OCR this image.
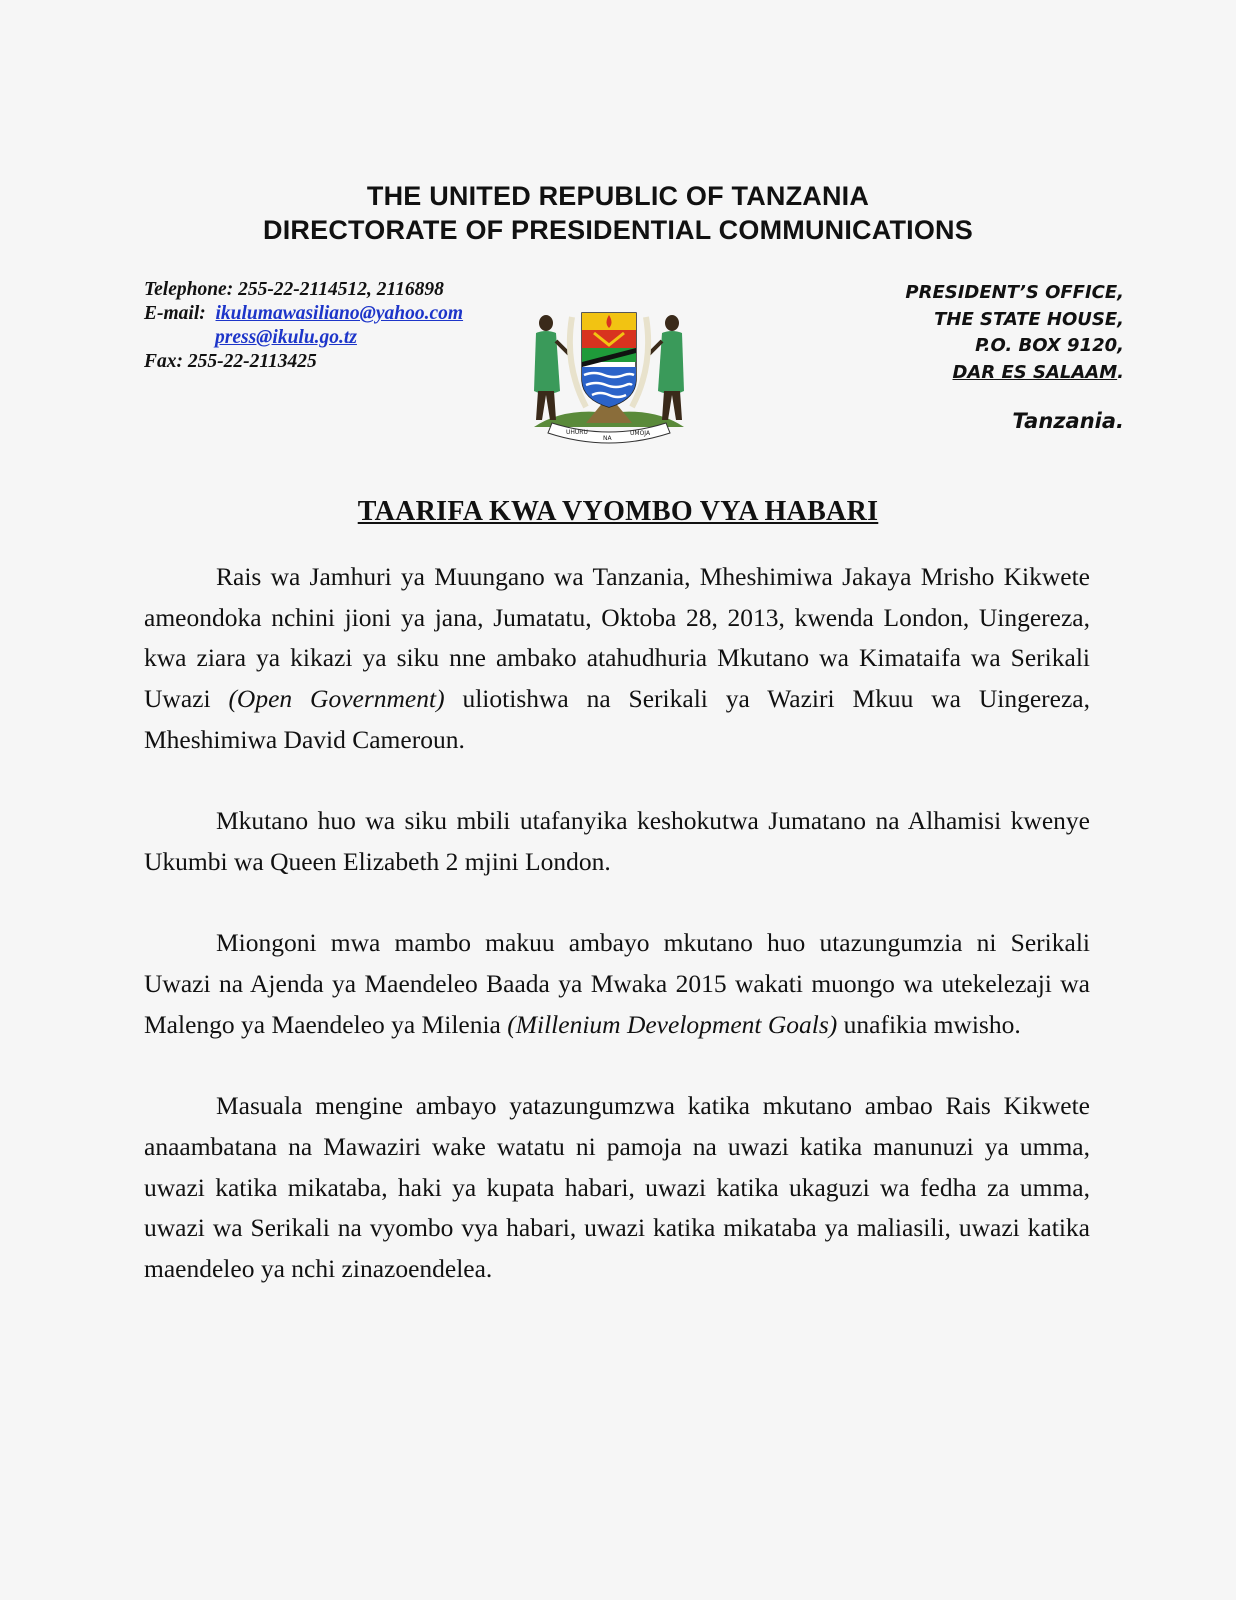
THE UNITED REPUBLIC OF TANZANIA
DIRECTORATE OF PRESIDENTIAL COMMUNICATIONS
Telephone: 255-22-2114512, 2116898
E-mail: ikulumawasiliano@yahoo.com
press@ikulu.go.tz
Fax: 255-22-2113425
UHURU
NA
UMOJA
PRESIDENT’S OFFICE,
THE STATE HOUSE,
P.O. BOX 9120,
DAR ES SALAAM.
Tanzania.
TAARIFA KWA VYOMBO VYA HABARI

Rais wa Jamhuri ya Muungano wa Tanzania, Mheshimiwa Jakaya Mrisho Kikwete ameondoka nchini jioni ya jana, Jumatatu, Oktoba 28, 2013, kwenda London, Uingereza, kwa ziara ya kikazi ya siku nne ambako atahudhuria Mkutano wa Kimataifa wa Serikali Uwazi (Open Government) uliotishwa na Serikali ya Waziri Mkuu wa Uingereza, Mheshimiwa David Cameroun.

Mkutano huo wa siku mbili utafanyika keshokutwa Jumatano na Alhamisi kwenye Ukumbi wa Queen Elizabeth 2 mjini London.

Miongoni mwa mambo makuu ambayo mkutano huo utazungumzia ni Serikali Uwazi na Ajenda ya Maendeleo Baada ya Mwaka 2015 wakati muongo wa utekelezaji wa Malengo ya Maendeleo ya Milenia (Millenium Development Goals) unafikia mwisho.

Masuala mengine ambayo yatazungumzwa katika mkutano ambao Rais Kikwete anaambatana na Mawaziri wake watatu ni pamoja na uwazi katika manunuzi ya umma, uwazi katika mikataba, haki ya kupata habari, uwazi katika ukaguzi wa fedha za umma, uwazi wa Serikali na vyombo vya habari, uwazi katika mikataba ya maliasili, uwazi katika maendeleo ya nchi zinazoendelea.
